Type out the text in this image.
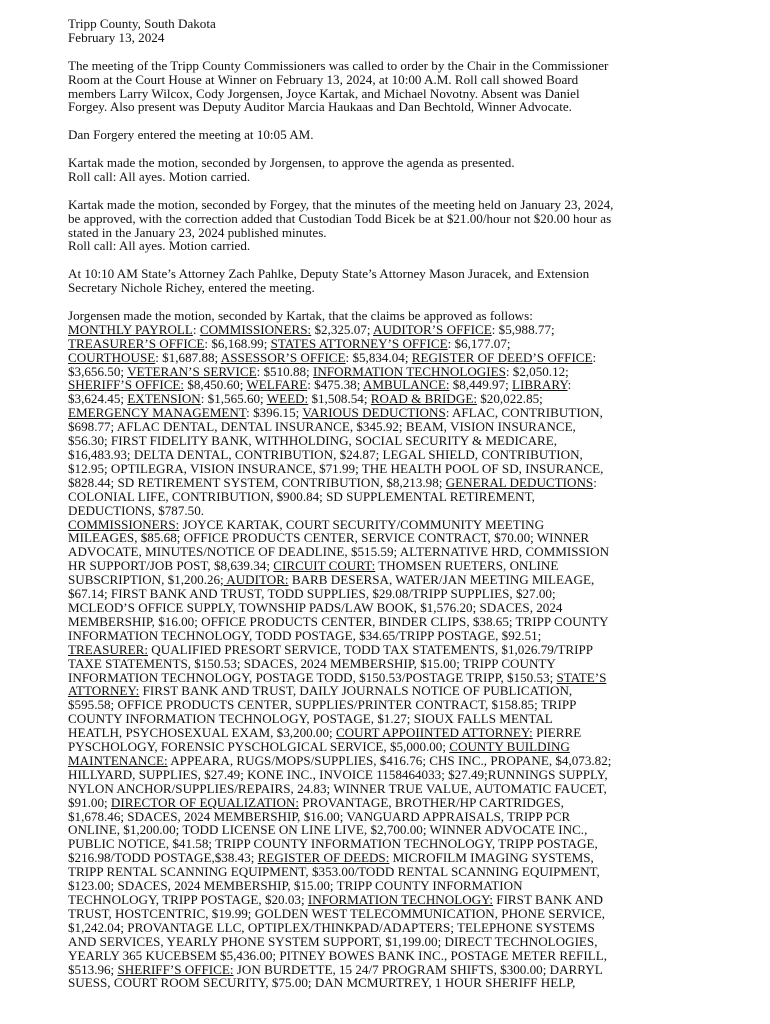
Tripp County, South Dakota
February 13, 2024
The meeting of the Tripp County Commissioners was called to order by the Chair in the Commissioner
Room at the Court House at Winner on February 13, 2024, at 10:00 A.M. Roll call showed Board
members Larry Wilcox, Cody Jorgensen, Joyce Kartak, and Michael Novotny. Absent was Daniel
Forgey. Also present was Deputy Auditor Marcia Haukaas and Dan Bechtold, Winner Advocate.
Dan Forgery entered the meeting at 10:05 AM.
Kartak made the motion, seconded by Jorgensen, to approve the agenda as presented.
Roll call: All ayes. Motion carried.
Kartak made the motion, seconded by Forgey, that the minutes of the meeting held on January 23, 2024,
be approved, with the correction added that Custodian Todd Bicek be at $21.00/hour not $20.00 hour as
stated in the January 23, 2024 published minutes.
Roll call: All ayes. Motion carried.
At 10:10 AM State’s Attorney Zach Pahlke, Deputy State’s Attorney Mason Juracek, and Extension
Secretary Nichole Richey, entered the meeting.
Jorgensen made the motion, seconded by Kartak, that the claims be approved as follows:
MONTHLY PAYROLL: COMMISSIONERS: $2,325.07; AUDITOR’S OFFICE: $5,988.77;
TREASURER’S OFFICE: $6,168.99; STATES ATTORNEY’S OFFICE: $6,177.07;
COURTHOUSE: $1,687.88; ASSESSOR’S OFFICE: $5,834.04; REGISTER OF DEED’S OFFICE:
$3,656.50; VETERAN’S SERVICE: $510.88; INFORMATION TECHNOLOGIES: $2,050.12;
SHERIFF’S OFFICE: $8,450.60; WELFARE: $475.38; AMBULANCE: $8,449.97; LIBRARY:
$3,624.45; EXTENSION: $1,565.60; WEED: $1,508.54; ROAD & BRIDGE: $20,022.85;
EMERGENCY MANAGEMENT: $396.15; VARIOUS DEDUCTIONS: AFLAC, CONTRIBUTION,
$698.77; AFLAC DENTAL, DENTAL INSURANCE, $345.92; BEAM, VISION INSURANCE,
$56.30; FIRST FIDELITY BANK, WITHHOLDING, SOCIAL SECURITY & MEDICARE,
$16,483.93; DELTA DENTAL, CONTRIBUTION, $24.87; LEGAL SHIELD, CONTRIBUTION,
$12.95; OPTILEGRA, VISION INSURANCE, $71.99; THE HEALTH POOL OF SD, INSURANCE,
$828.44; SD RETIREMENT SYSTEM, CONTRIBUTION, $8,213.98; GENERAL DEDUCTIONS:
COLONIAL LIFE, CONTRIBUTION, $900.84; SD SUPPLEMENTAL RETIREMENT,
DEDUCTIONS, $787.50.
COMMISSIONERS: JOYCE KARTAK, COURT SECURITY/COMMUNITY MEETING
MILEAGES, $85.68; OFFICE PRODUCTS CENTER, SERVICE CONTRACT, $70.00; WINNER
ADVOCATE, MINUTES/NOTICE OF DEADLINE, $515.59; ALTERNATIVE HRD, COMMISSION
HR SUPPORT/JOB POST, $8,639.34; CIRCUIT COURT: THOMSEN RUETERS, ONLINE
SUBSCRIPTION, $1,200.26; AUDITOR: BARB DESERSA, WATER/JAN MEETING MILEAGE,
$67.14; FIRST BANK AND TRUST, TODD SUPPLIES, $29.08/TRIPP SUPPLIES, $27.00;
MCLEOD’S OFFICE SUPPLY, TOWNSHIP PADS/LAW BOOK, $1,576.20; SDACES, 2024
MEMBERSHIP, $16.00; OFFICE PRODUCTS CENTER, BINDER CLIPS, $38.65; TRIPP COUNTY
INFORMATION TECHNOLOGY, TODD POSTAGE, $34.65/TRIPP POSTAGE, $92.51;
TREASURER: QUALIFIED PRESORT SERVICE, TODD TAX STATEMENTS, $1,026.79/TRIPP
TAXE STATEMENTS, $150.53; SDACES, 2024 MEMBERSHIP, $15.00; TRIPP COUNTY
INFORMATION TECHNOLOGY, POSTAGE TODD, $150.53/POSTAGE TRIPP, $150.53; STATE’S
ATTORNEY: FIRST BANK AND TRUST, DAILY JOURNALS NOTICE OF PUBLICATION,
$595.58; OFFICE PRODUCTS CENTER, SUPPLIES/PRINTER CONTRACT, $158.85; TRIPP
COUNTY INFORMATION TECHNOLOGY, POSTAGE, $1.27; SIOUX FALLS MENTAL
HEATLH, PSYCHOSEXUAL EXAM, $3,200.00; COURT APPOIINTED ATTORNEY: PIERRE
PYSCHOLOGY, FORENSIC PYSCHOLGICAL SERVICE, $5,000.00; COUNTY BUILDING
MAINTENANCE: APPEARA, RUGS/MOPS/SUPPLIES, $416.76; CHS INC., PROPANE, $4,073.82;
HILLYARD, SUPPLIES, $27.49; KONE INC., INVOICE 1158464033; $27.49;RUNNINGS SUPPLY,
NYLON ANCHOR/SUPPLIES/REPAIRS, 24.83; WINNER TRUE VALUE, AUTOMATIC FAUCET,
$91.00; DIRECTOR OF EQUALIZATION: PROVANTAGE, BROTHER/HP CARTRIDGES,
$1,678.46; SDACES, 2024 MEMBERSHIP, $16.00; VANGUARD APPRAISALS, TRIPP PCR
ONLINE, $1,200.00; TODD LICENSE ON LINE LIVE, $2,700.00; WINNER ADVOCATE INC.,
PUBLIC NOTICE, $41.58; TRIPP COUNTY INFORMATION TECHNOLOGY, TRIPP POSTAGE,
$216.98/TODD POSTAGE,$38.43; REGISTER OF DEEDS: MICROFILM IMAGING SYSTEMS,
TRIPP RENTAL SCANNING EQUIPMENT, $353.00/TODD RENTAL SCANNING EQUIPMENT,
$123.00; SDACES, 2024 MEMBERSHIP, $15.00; TRIPP COUNTY INFORMATION
TECHNOLOGY, TRIPP POSTAGE, $20.03; INFORMATION TECHNOLOGY: FIRST BANK AND
TRUST, HOSTCENTRIC, $19.99; GOLDEN WEST TELECOMMUNICATION, PHONE SERVICE,
$1,242.04; PROVANTAGE LLC, OPTIPLEX/THINKPAD/ADAPTERS; TELEPHONE SYSTEMS
AND SERVICES, YEARLY PHONE SYSTEM SUPPORT, $1,199.00; DIRECT TECHNOLOGIES,
YEARLY 365 KUCEBSEM $5,436.00; PITNEY BOWES BANK INC., POSTAGE METER REFILL,
$513.96; SHERIFF’S OFFICE: JON BURDETTE, 15 24/7 PROGRAM SHIFTS, $300.00; DARRYL
SUESS, COURT ROOM SECURITY, $75.00; DAN MCMURTREY, 1 HOUR SHERIFF HELP,
